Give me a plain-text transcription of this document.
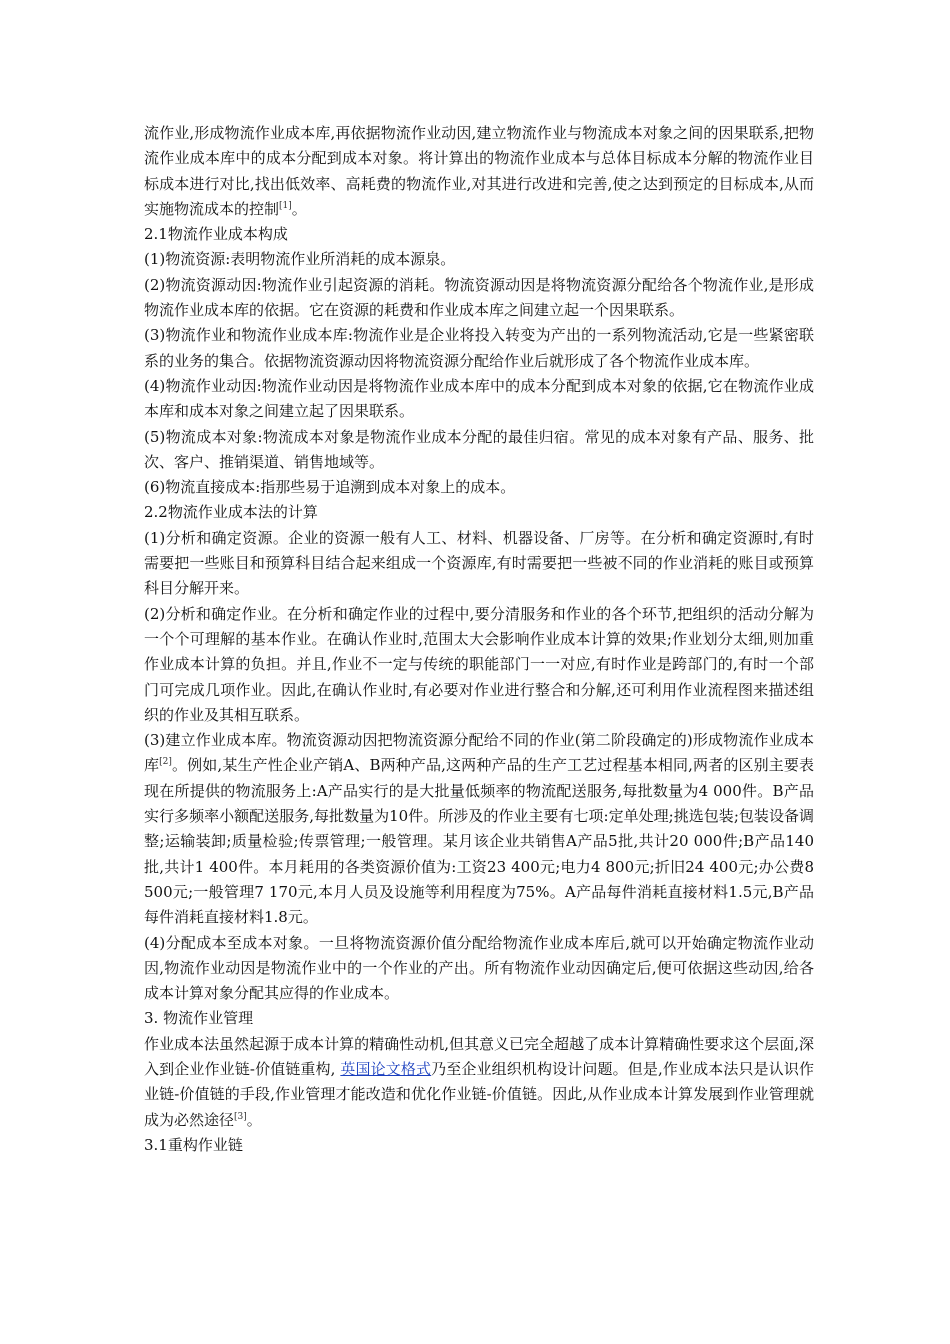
流作业,形成物流作业成本库,再依据物流作业动因,建立物流作业与物流成本对象之间的因果联系,把物流作业成本库中的成本分配到成本对象。将计算出的物流作业成本与总体目标成本分解的物流作业目标成本进行对比,找出低效率、高耗费的物流作业,对其进行改进和完善,使之达到预定的目标成本,从而实施物流成本的控制[1]。
2.1物流作业成本构成
(1)物流资源:表明物流作业所消耗的成本源泉。
(2)物流资源动因:物流作业引起资源的消耗。物流资源动因是将物流资源分配给各个物流作业,是形成物流作业成本库的依据。它在资源的耗费和作业成本库之间建立起一个因果联系。
(3)物流作业和物流作业成本库:物流作业是企业将投入转变为产出的一系列物流活动,它是一些紧密联系的业务的集合。依据物流资源动因将物流资源分配给作业后就形成了各个物流作业成本库。
(4)物流作业动因:物流作业动因是将物流作业成本库中的成本分配到成本对象的依据,它在物流作业成本库和成本对象之间建立起了因果联系。
(5)物流成本对象:物流成本对象是物流作业成本分配的最佳归宿。常见的成本对象有产品、服务、批次、客户、推销渠道、销售地域等。
(6)物流直接成本:指那些易于追溯到成本对象上的成本。
2.2物流作业成本法的计算
(1)分析和确定资源。企业的资源一般有人工、材料、机器设备、厂房等。在分析和确定资源时,有时需要把一些账目和预算科目结合起来组成一个资源库,有时需要把一些被不同的作业消耗的账目或预算科目分解开来。
(2)分析和确定作业。在分析和确定作业的过程中,要分清服务和作业的各个环节,把组织的活动分解为一个个可理解的基本作业。在确认作业时,范围太大会影响作业成本计算的效果;作业划分太细,则加重作业成本计算的负担。并且,作业不一定与传统的职能部门一一对应,有时作业是跨部门的,有时一个部门可完成几项作业。因此,在确认作业时,有必要对作业进行整合和分解,还可利用作业流程图来描述组织的作业及其相互联系。
(3)建立作业成本库。物流资源动因把物流资源分配给不同的作业(第二阶段确定的)形成物流作业成本库[2]。例如,某生产性企业产销A、B两种产品,这两种产品的生产工艺过程基本相同,两者的区别主要表现在所提供的物流服务上:A产品实行的是大批量低频率的物流配送服务,每批数量为4 000件。B产品实行多频率小额配送服务,每批数量为10件。所涉及的作业主要有七项:定单处理;挑选包装;包装设备调整;运输装卸;质量检验;传票管理;一般管理。某月该企业共销售A产品5批,共计20 000件;B产品140批,共计1 400件。本月耗用的各类资源价值为:工资23 400元;电力4 800元;折旧24 400元;办公费8 500元;一般管理7 170元,本月人员及设施等利用程度为75%。A产品每件消耗直接材料1.5元,B产品每件消耗直接材料1.8元。
(4)分配成本至成本对象。一旦将物流资源价值分配给物流作业成本库后,就可以开始确定物流作业动因,物流作业动因是物流作业中的一个作业的产出。所有物流作业动因确定后,便可依据这些动因,给各成本计算对象分配其应得的作业成本。
3. 物流作业管理
作业成本法虽然起源于成本计算的精确性动机,但其意义已完全超越了成本计算精确性要求这个层面,深入到企业作业链-价值链重构, 英国论文格式乃至企业组织机构设计问题。但是,作业成本法只是认识作业链-价值链的手段,作业管理才能改造和优化作业链-价值链。因此,从作业成本计算发展到作业管理就成为必然途径[3]。
3.1重构作业链
